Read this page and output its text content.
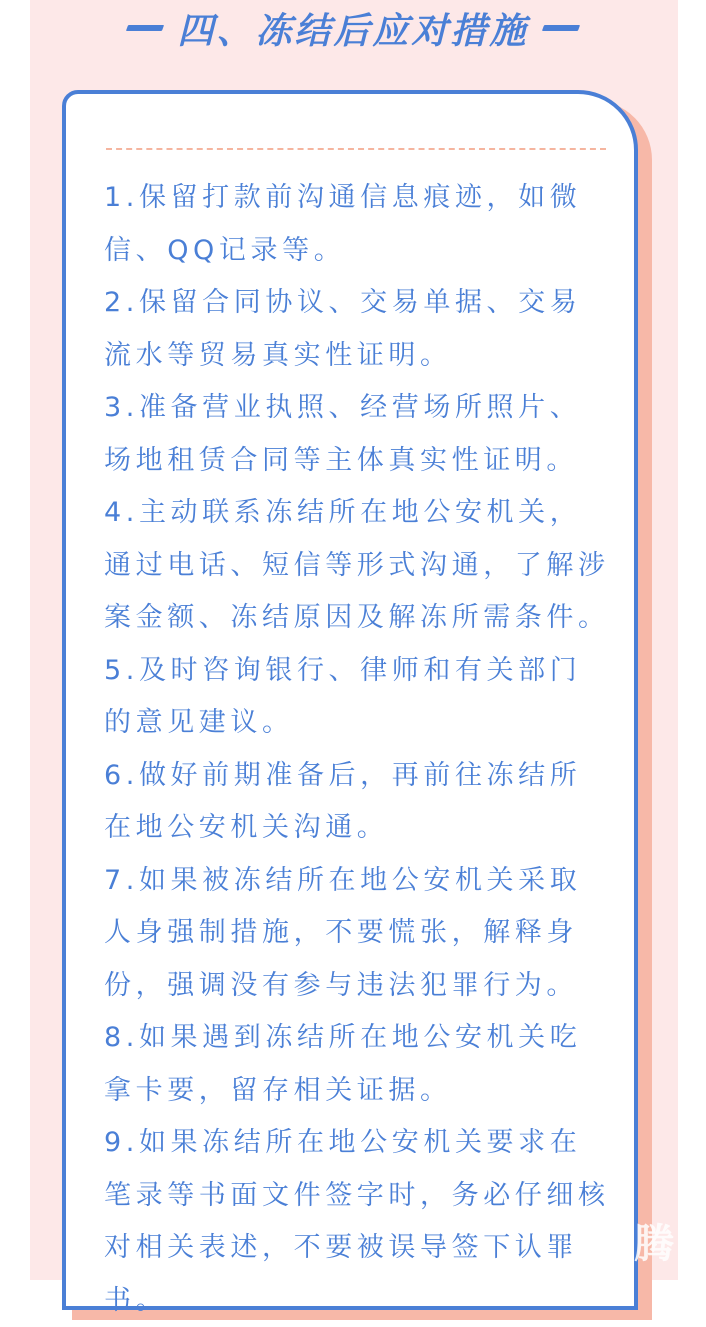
四、冻结后应对措施
1.保留打款前沟通信息痕迹，如微信、QQ记录等。
2.保留合同协议、交易单据、交易流水等贸易真实性证明。
3.准备营业执照、经营场所照片、场地租赁合同等主体真实性证明。
4.主动联系冻结所在地公安机关，通过电话、短信等形式沟通，了解涉案金额、冻结原因及解冻所需条件。
5.及时咨询银行、律师和有关部门的意见建议。
6.做好前期准备后，再前往冻结所在地公安机关沟通。
7.如果被冻结所在地公安机关采取人身强制措施，不要慌张，解释身份，强调没有参与违法犯罪行为。
8.如果遇到冻结所在地公安机关吃拿卡要，留存相关证据。
9.如果冻结所在地公安机关要求在笔录等书面文件签字时，务必仔细核对相关表述，不要被误导签下认罪书。
腾
